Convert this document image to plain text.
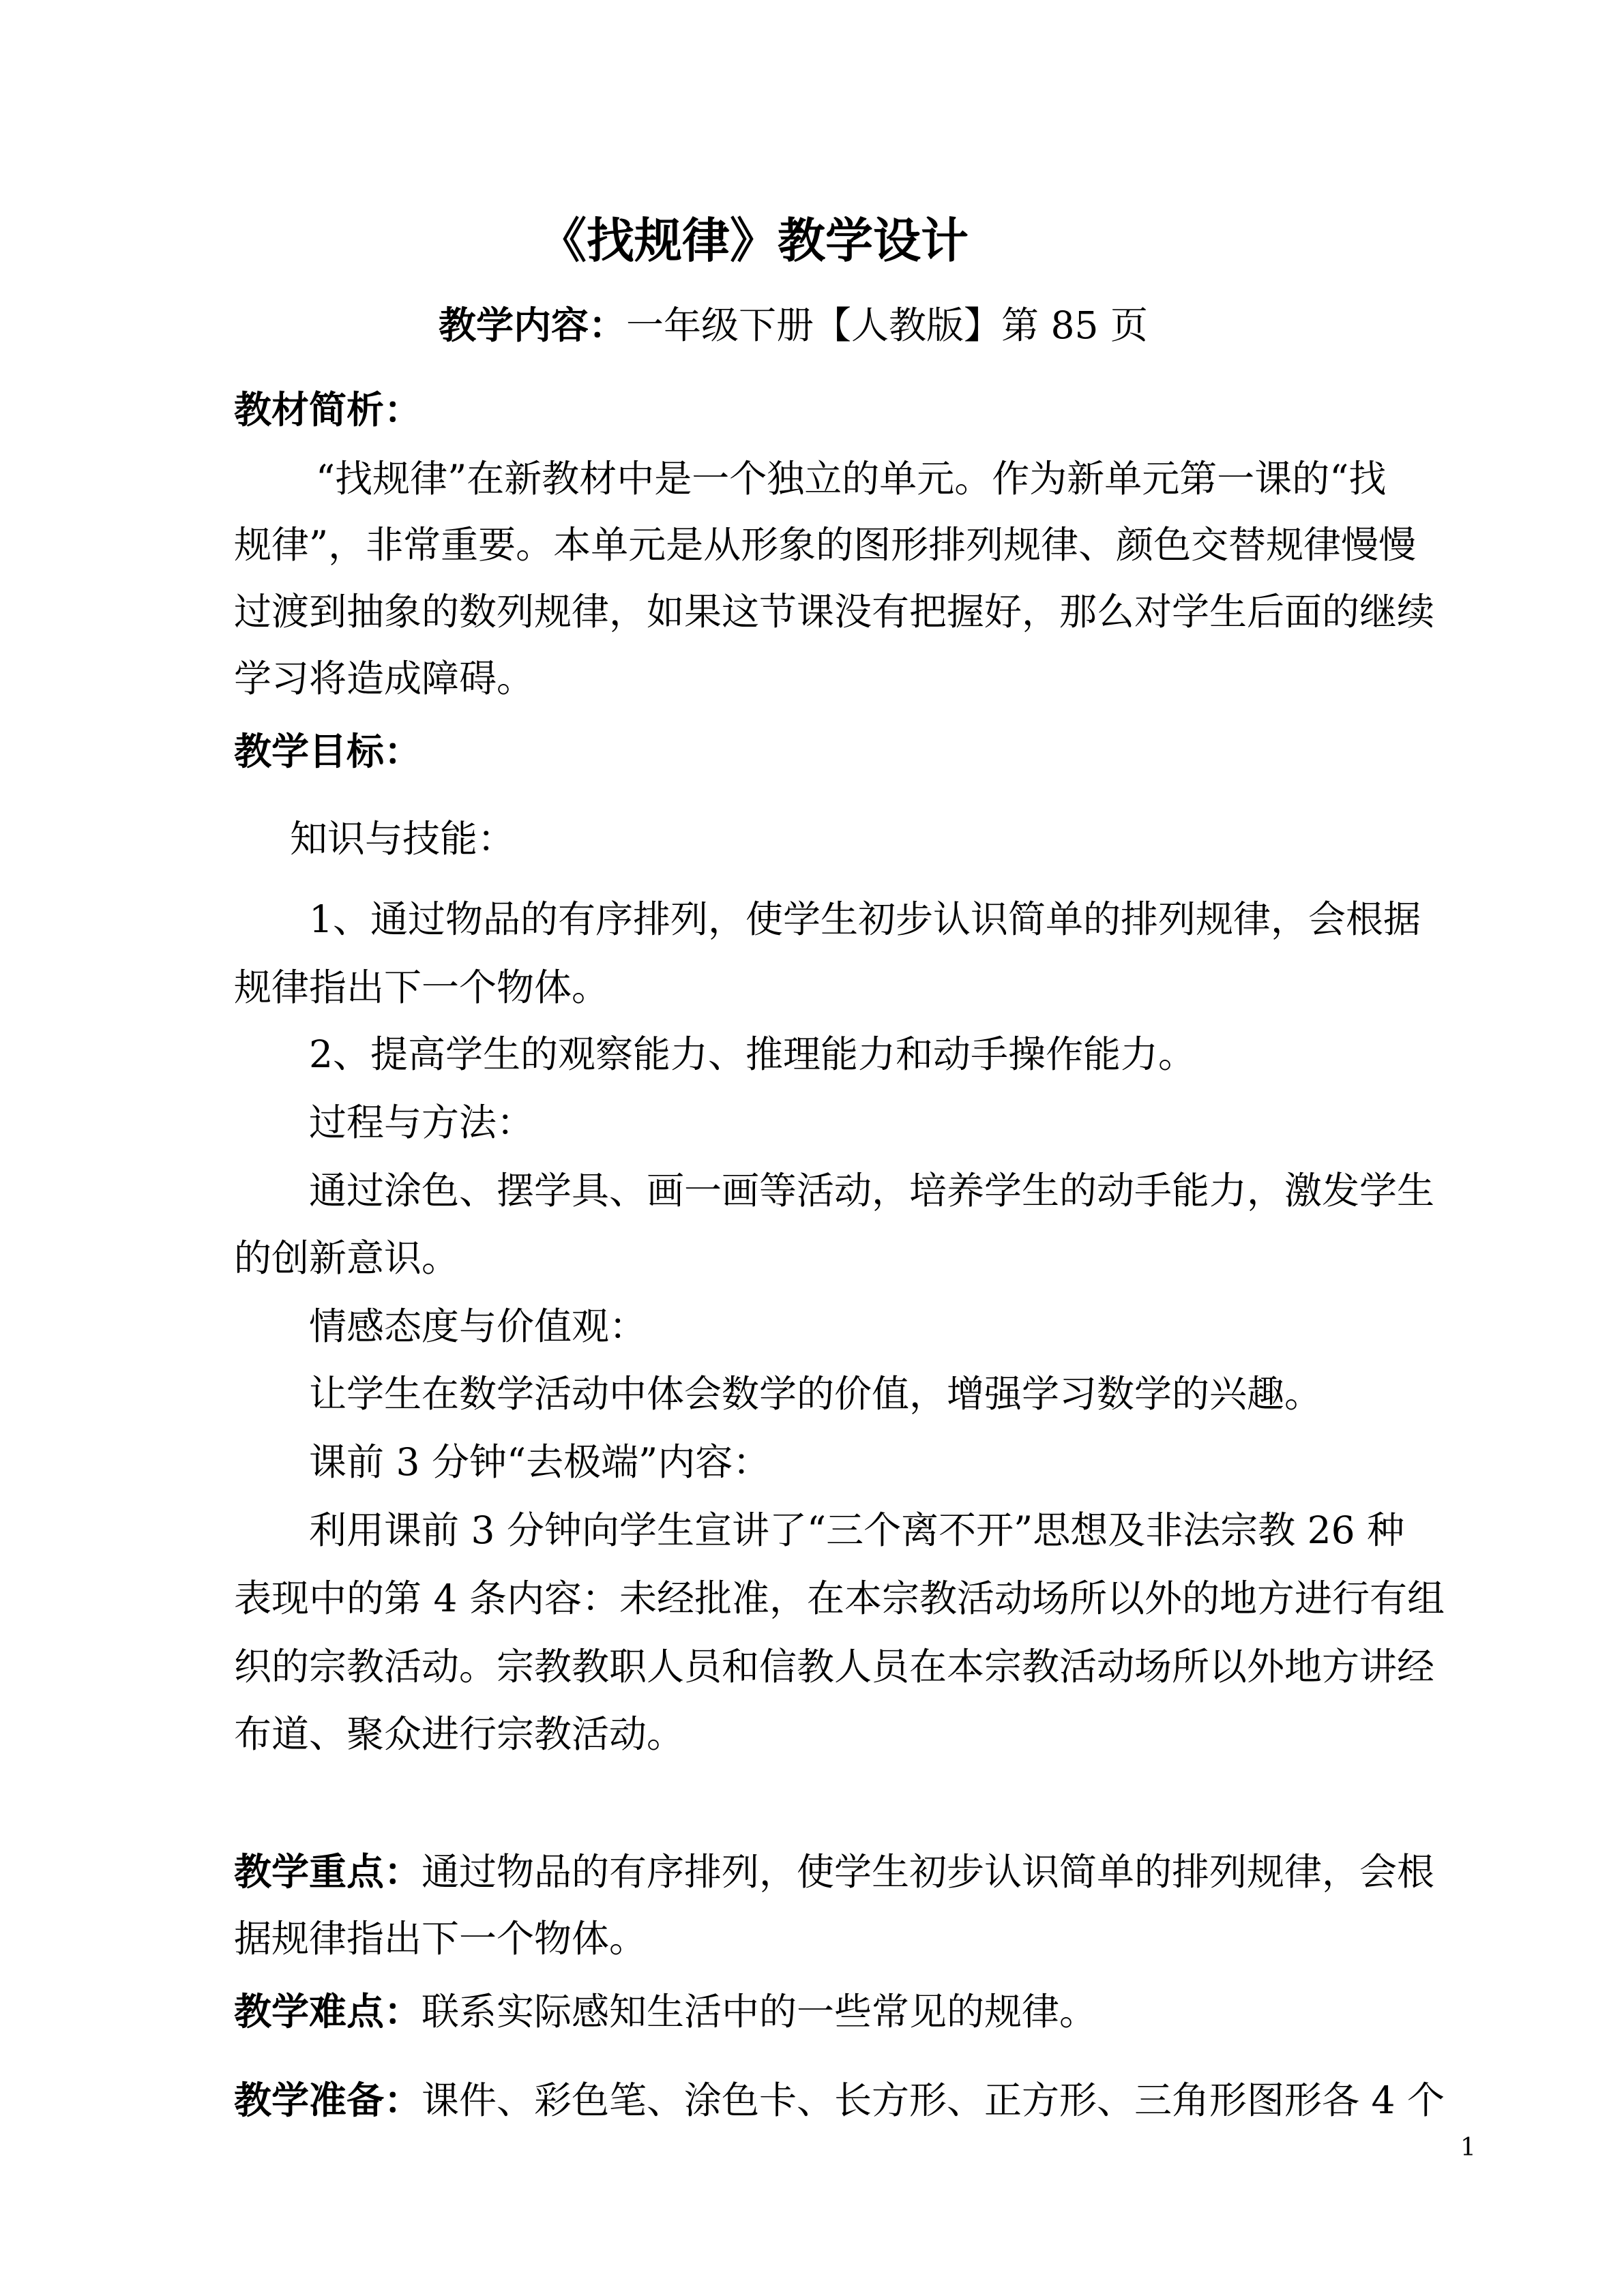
《找规律》教学设计
教学内容：一年级下册【人教版】第 85 页
教材简析：
“找规律”在新教材中是一个独立的单元。作为新单元第一课的“找
规律”，非常重要。本单元是从形象的图形排列规律、颜色交替规律慢慢
过渡到抽象的数列规律，如果这节课没有把握好，那么对学生后面的继续
学习将造成障碍。
教学目标：
知识与技能：
1、通过物品的有序排列，使学生初步认识简单的排列规律，会根据
规律指出下一个物体。
2、提高学生的观察能力、推理能力和动手操作能力。
过程与方法：
通过涂色、摆学具、画一画等活动，培养学生的动手能力，激发学生
的创新意识。
情感态度与价值观：
让学生在数学活动中体会数学的价值，增强学习数学的兴趣。
课前 3 分钟“去极端”内容：
利用课前 3 分钟向学生宣讲了“三个离不开”思想及非法宗教 26 种
表现中的第 4 条内容：未经批准，在本宗教活动场所以外的地方进行有组
织的宗教活动。宗教教职人员和信教人员在本宗教活动场所以外地方讲经
布道、聚众进行宗教活动。
教学重点：通过物品的有序排列，使学生初步认识简单的排列规律，会根
据规律指出下一个物体。
教学难点：联系实际感知生活中的一些常见的规律。
教学准备：课件、彩色笔、涂色卡、长方形、正方形、三角形图形各 4 个
1
